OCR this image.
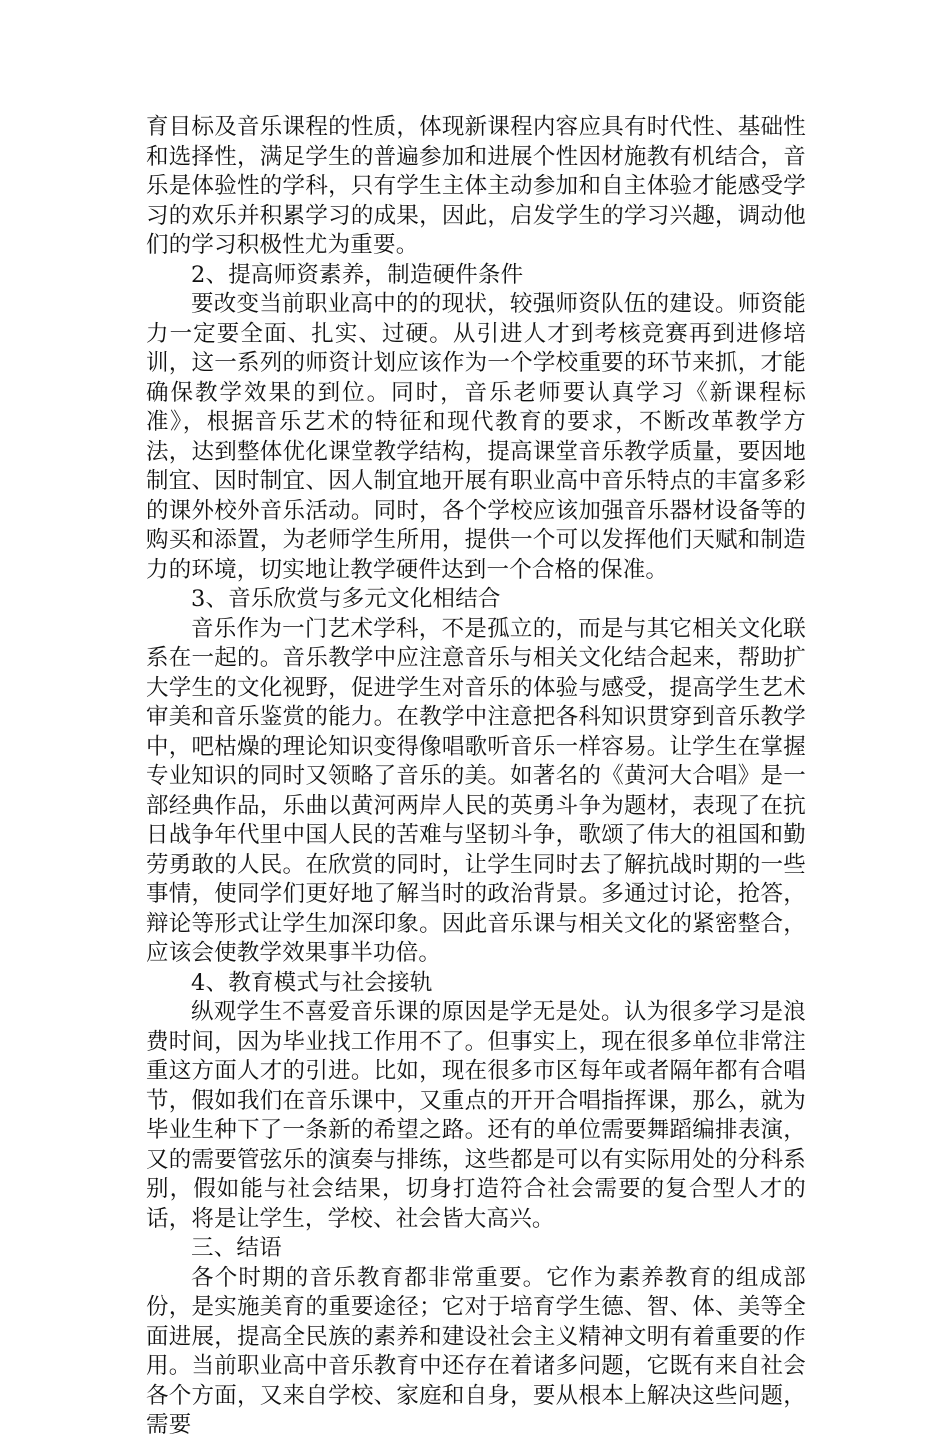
育目标及音乐课程的性质，体现新课程内容应具有时代性、基础性和选择性，满足学生的普遍参加和进展个性因材施教有机结合，音乐是体验性的学科，只有学生主体主动参加和自主体验才能感受学习的欢乐并积累学习的成果，因此，启发学生的学习兴趣，调动他们的学习积极性尤为重要。

2、提高师资素养，制造硬件条件

要改变当前职业高中的的现状，较强师资队伍的建设。师资能力一定要全面、扎实、过硬。从引进人才到考核竞赛再到进修培训，这一系列的师资计划应该作为一个学校重要的环节来抓，才能确保教学效果的到位。同时，音乐老师要认真学习《新课程标准》，根据音乐艺术的特征和现代教育的要求，不断改革教学方法，达到整体优化课堂教学结构，提高课堂音乐教学质量，要因地制宜、因时制宜、因人制宜地开展有职业高中音乐特点的丰富多彩的课外校外音乐活动。同时，各个学校应该加强音乐器材设备等的购买和添置，为老师学生所用，提供一个可以发挥他们天赋和制造力的环境，切实地让教学硬件达到一个合格的保准。

3、音乐欣赏与多元文化相结合

音乐作为一门艺术学科，不是孤立的，而是与其它相关文化联系在一起的。音乐教学中应注意音乐与相关文化结合起来，帮助扩大学生的文化视野，促进学生对音乐的体验与感受，提高学生艺术审美和音乐鉴赏的能力。在教学中注意把各科知识贯穿到音乐教学中，吧枯燥的理论知识变得像唱歌听音乐一样容易。让学生在掌握专业知识的同时又领略了音乐的美。如著名的《黄河大合唱》是一部经典作品，乐曲以黄河两岸人民的英勇斗争为题材，表现了在抗日战争年代里中国人民的苦难与坚韧斗争，歌颂了伟大的祖国和勤劳勇敢的人民。在欣赏的同时，让学生同时去了解抗战时期的一些事情，使同学们更好地了解当时的政治背景。多通过讨论，抢答，辩论等形式让学生加深印象。因此音乐课与相关文化的紧密整合，应该会使教学效果事半功倍。

4、教育模式与社会接轨

纵观学生不喜爱音乐课的原因是学无是处。认为很多学习是浪费时间，因为毕业找工作用不了。但事实上，现在很多单位非常注重这方面人才的引进。比如，现在很多市区每年或者隔年都有合唱节，假如我们在音乐课中，又重点的开开合唱指挥课，那么，就为毕业生种下了一条新的希望之路。还有的单位需要舞蹈编排表演，又的需要管弦乐的演奏与排练，这些都是可以有实际用处的分科系别，假如能与社会结果，切身打造符合社会需要的复合型人才的话，将是让学生，学校、社会皆大高兴。

三、结语

各个时期的音乐教育都非常重要。它作为素养教育的组成部份，是实施美育的重要途径；它对于培育学生德、智、体、美等全面进展，提高全民族的素养和建设社会主义精神文明有着重要的作用。当前职业高中音乐教育中还存在着诸多问题，它既有来自社会各个方面，又来自学校、家庭和自身，要从根本上解决这些问题，需要
